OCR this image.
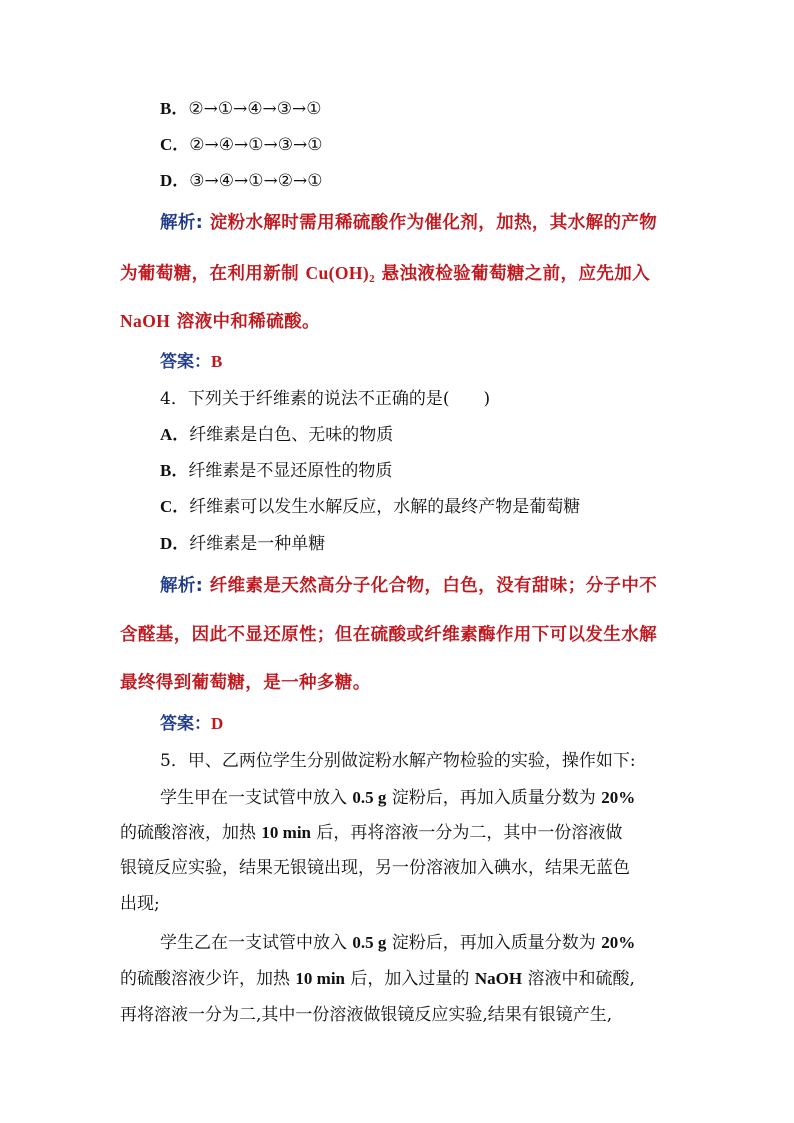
B．②→①→④→③→①
C．②→④→①→③→①
D．③→④→①→②→①
解析: 淀粉水解时需用稀硫酸作为催化剂，加热，其水解的产物
为葡萄糖，在利用新制 $Cu(OH)_2$ 悬浊液检验葡萄糖之前，应先加入
NaOH 溶液中和稀硫酸。
答案：B
4．下列关于纤维素的说法不正确的是(　　)
A．纤维素是白色、无味的物质
B．纤维素是不显还原性的物质
C．纤维素可以发生水解反应，水解的最终产物是葡萄糖
D．纤维素是一种单糖
解析: 纤维素是天然高分子化合物，白色，没有甜味；分子中不
含醛基，因此不显还原性；但在硫酸或纤维素酶作用下可以发生水解
最终得到葡萄糖，是一种多糖。
答案：D
5．甲、乙两位学生分别做淀粉水解产物检验的实验，操作如下:
学生甲在一支试管中放入 0.5 g 淀粉后，再加入质量分数为 20%
的硫酸溶液，加热 10 min 后，再将溶液一分为二，其中一份溶液做
银镜反应实验，结果无银镜出现，另一份溶液加入碘水，结果无蓝色
出现;
学生乙在一支试管中放入 0.5 g 淀粉后，再加入质量分数为 20%
的硫酸溶液少许，加热 10 min 后，加入过量的 NaOH 溶液中和硫酸,
再将溶液一分为二,其中一份溶液做银镜反应实验,结果有银镜产生,
